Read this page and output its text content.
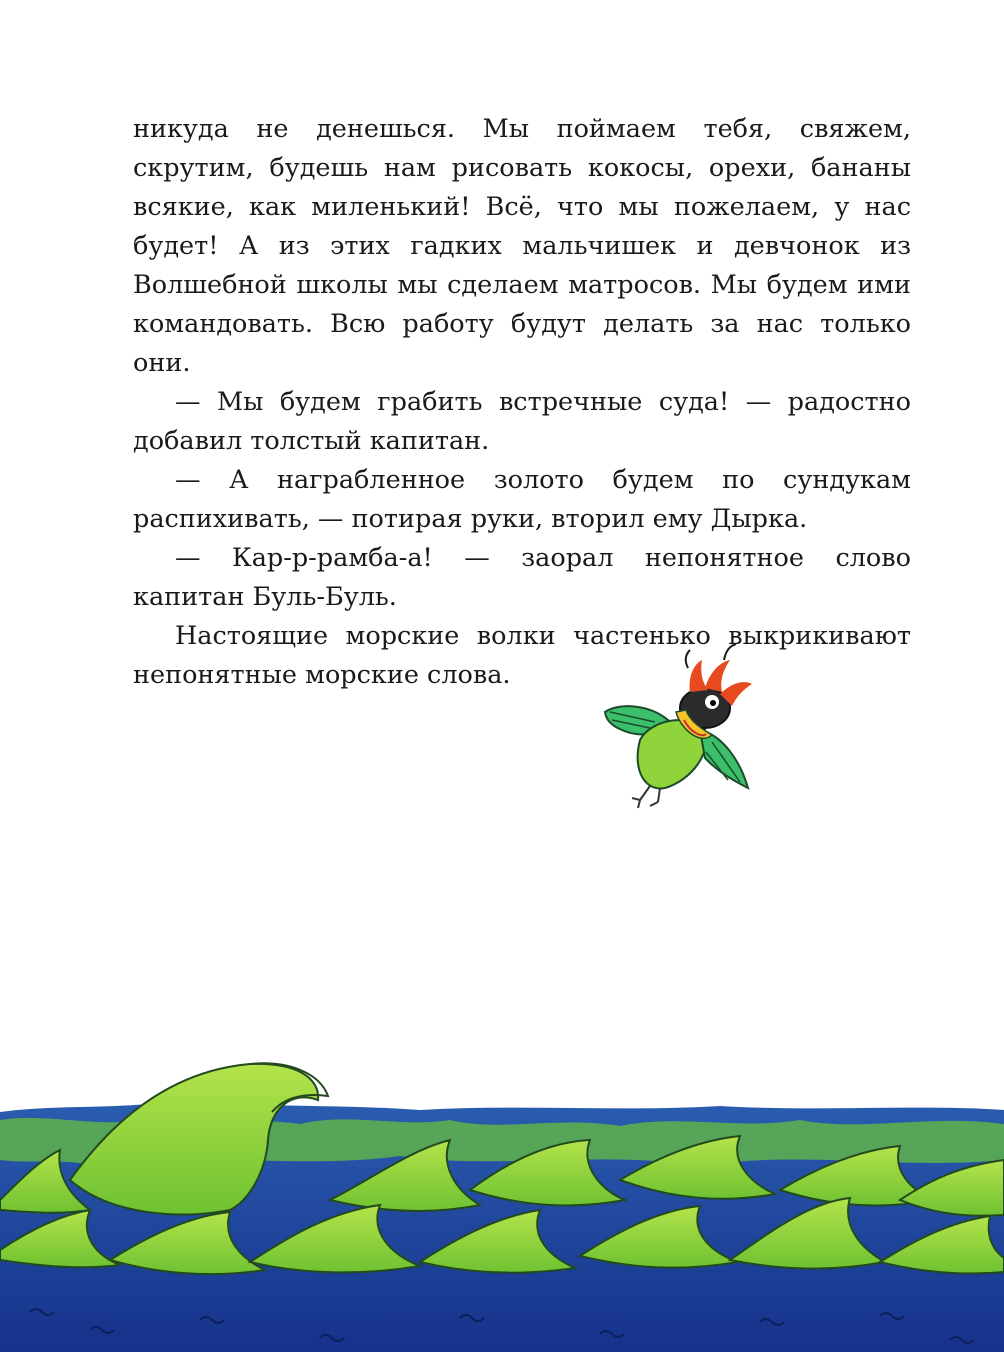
никуда не денешься. Мы поймаем тебя, свяжем, скрутим, будешь нам рисовать кокосы, орехи, бананы всякие, как миленький! Всё, что мы пожелаем, у нас будет! А из этих гадких мальчишек и девчонок из Волшебной школы мы сделаем матросов. Мы будем ими командовать. Всю работу будут делать за нас только они.

— Мы будем грабить встречные суда! — радостно добавил толстый капитан.

— А награбленное золото будем по сундукам распихивать, — потирая руки, вторил ему Дырка.

— Кар-р-рамба-а! — заорал непонятное слово капитан Буль-Буль.

Настоящие морские волки частенько выкрикивают непонятные морские слова.
